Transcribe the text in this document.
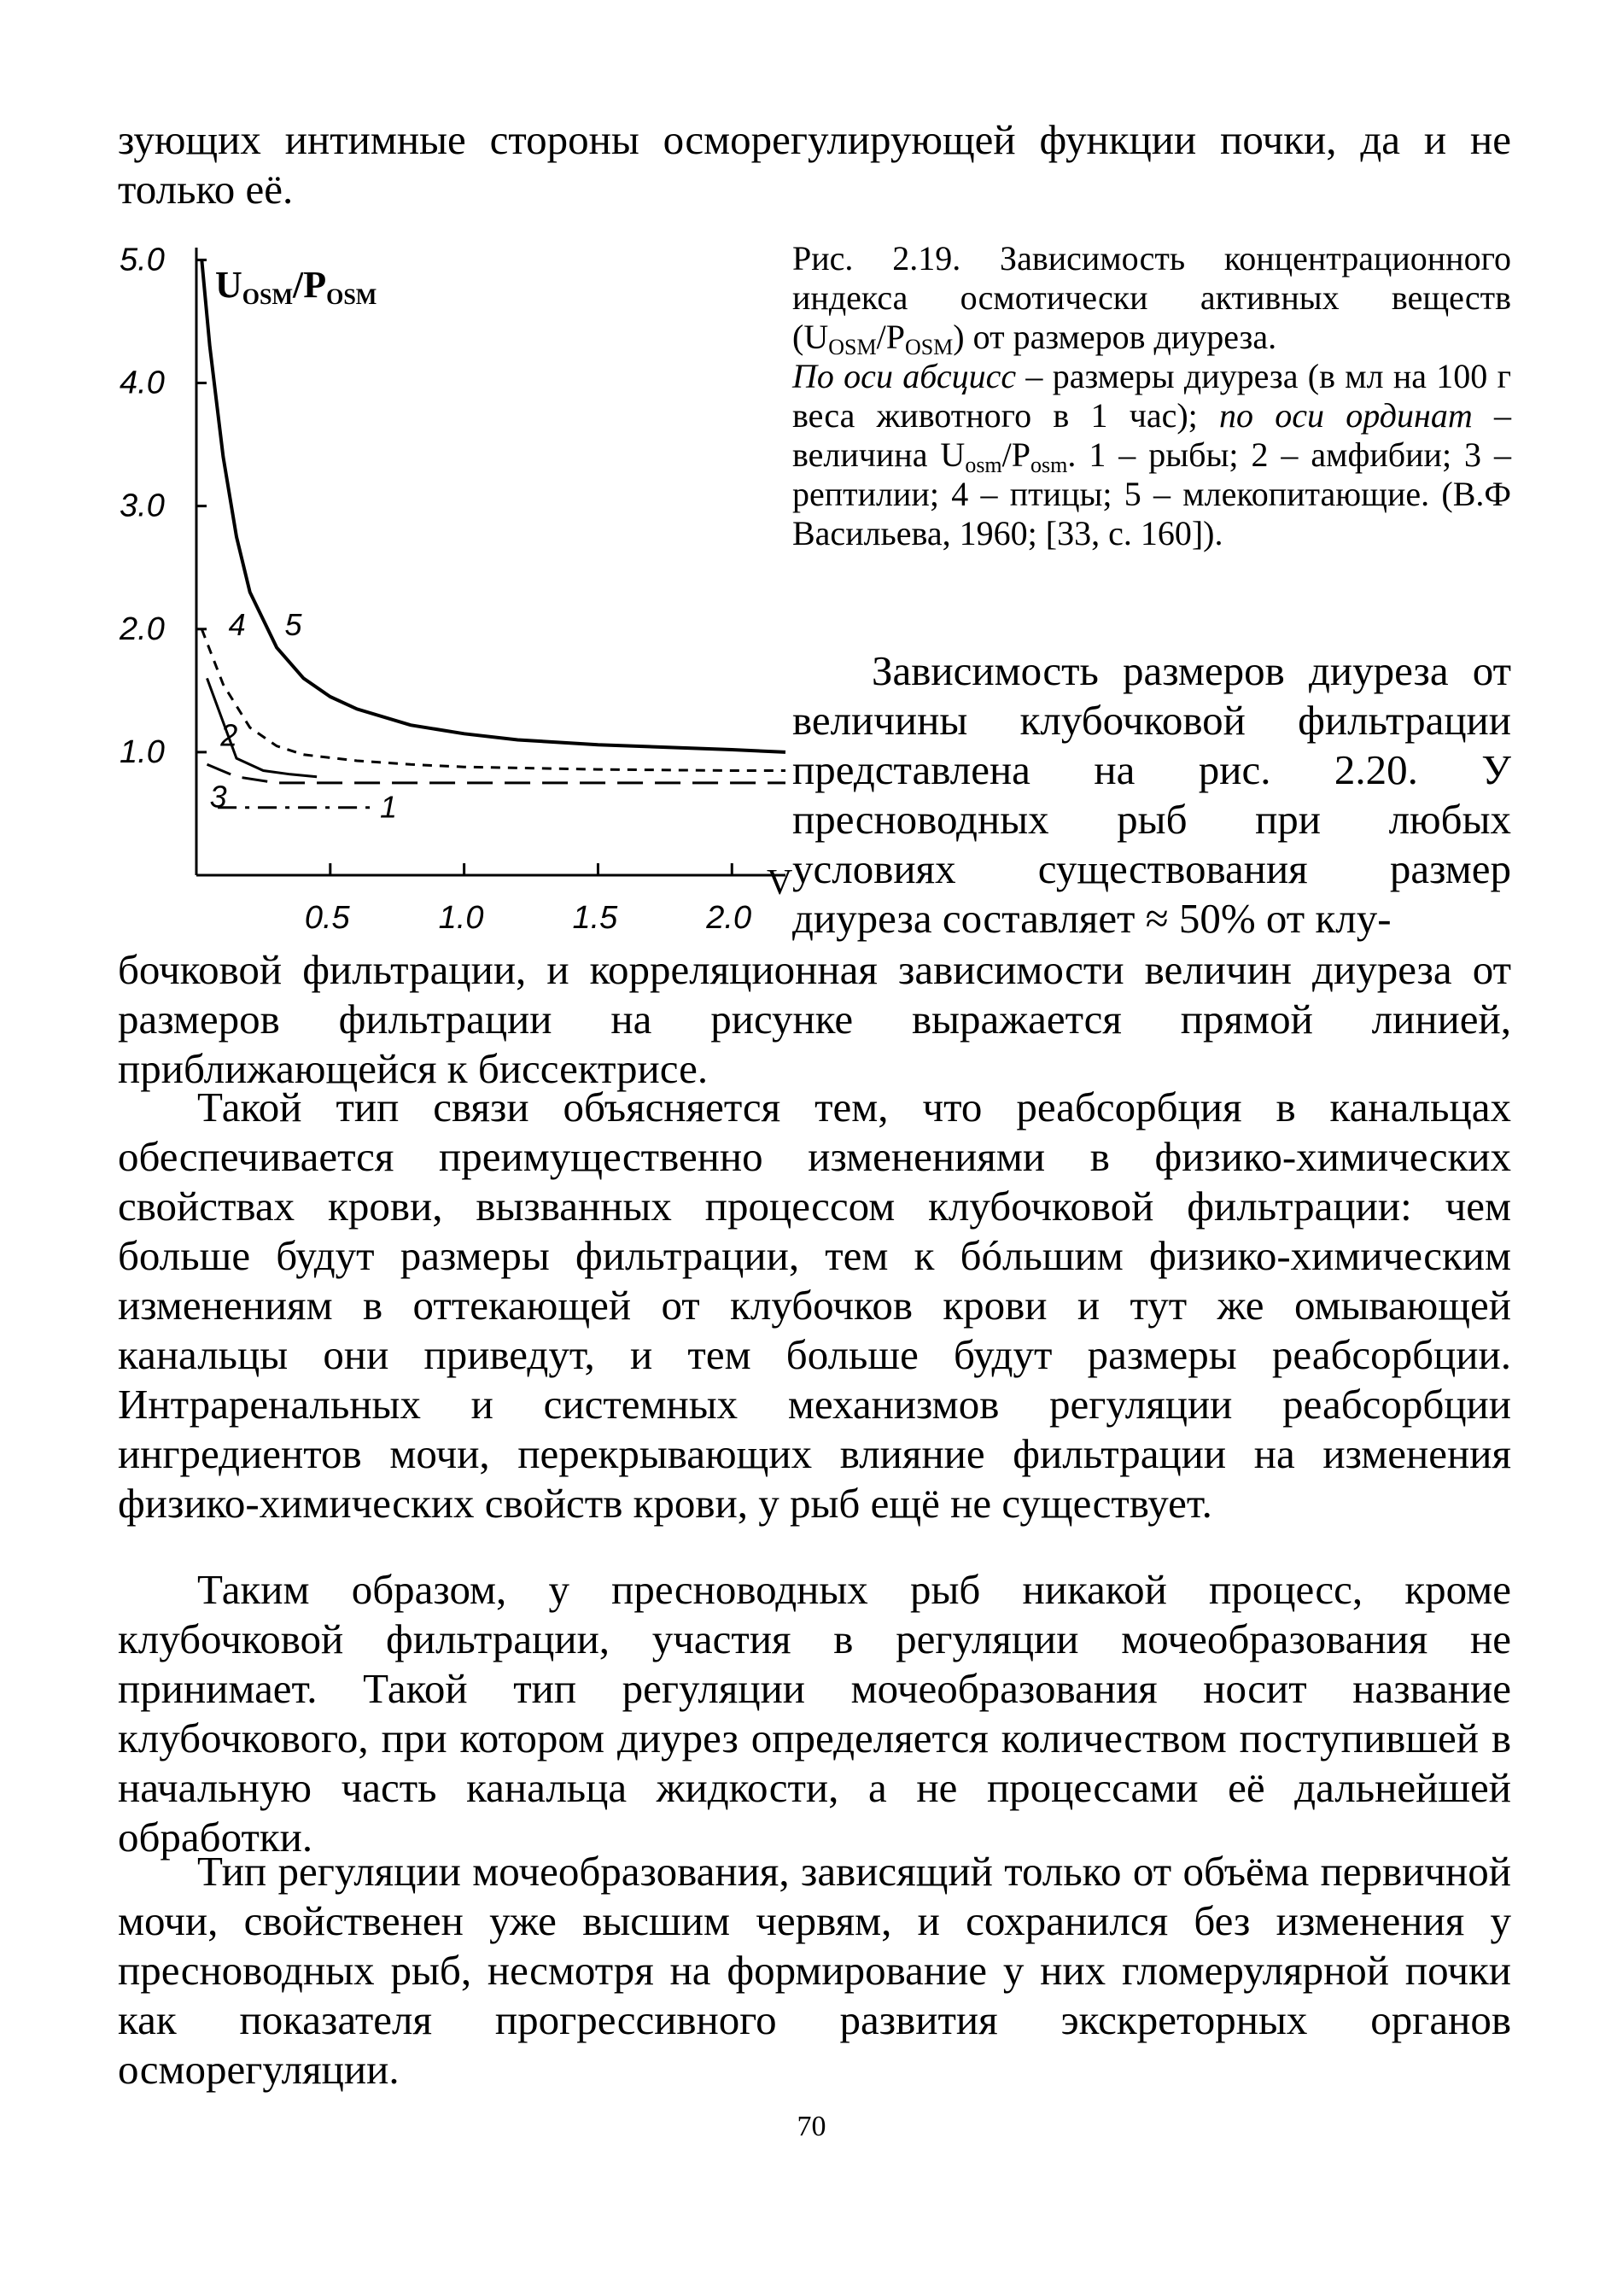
зующих интимные стороны осморегулирующей функции почки, да и не только её.

1.0
2.0
3.0
4.0
5.0
0.5	1.0	1.5	2.0
V
UOSM/POSM
1
2
3
4 5
Рис. 2.19. Зависимость концентрационного индекса осмотически активных веществ $(U_{OSM}/P_{OSM})$ от размеров диуреза.
По оси абсцисс – размеры диуреза (в мл на 100 г веса животного в 1 час); по оси ординат – величина $U_{osm}/P_{osm}$. 1 – рыбы; 2 – амфибии; 3 – рептилии; 4 – птицы; 5 – млекопитающие. (В.Ф Васильева, 1960; [33, с. 160]).

Зависимость размеров диуреза от величины клубочковой фильтрации представлена на рис. 2.20. У пресноводных рыб при любых условиях существования размер диуреза составляет ≈ 50% от клу-

бочковой фильтрации, и корреляционная зависимости величин диуреза от размеров фильтрации на рисунке выражается прямой линией, приближающейся к биссектрисе.

Такой тип связи объясняется тем, что реабсорбция в канальцах обеспечивается преимущественно изменениями в физико-химических свойствах крови, вызванных процессом клубочковой фильтрации: чем больше будут размеры фильтрации, тем к бóльшим физико-химическим изменениям в оттекающей от клубочков крови и тут же омывающей канальцы они приведут, и тем больше будут размеры реабсорбции. Интраренальных и системных механизмов регуляции реабсорбции ингредиентов мочи, перекрывающих влияние фильтрации на изменения физико-химических свойств крови, у рыб ещё не существует.

Таким образом, у пресноводных рыб никакой процесс, кроме клубочковой фильтрации, участия в регуляции мочеобразования не принимает. Такой тип регуляции мочеобразования носит название клубочкового, при котором диурез определяется количеством поступившей в начальную часть канальца жидкости, а не процессами её дальнейшей обработки.

Тип регуляции мочеобразования, зависящий только от объёма первичной мочи, свойственен уже высшим червям, и сохранился без изменения у пресноводных рыб, несмотря на формирование у них гломерулярной почки как показателя прогрессивного развития экскреторных органов осморегуляции.

70
